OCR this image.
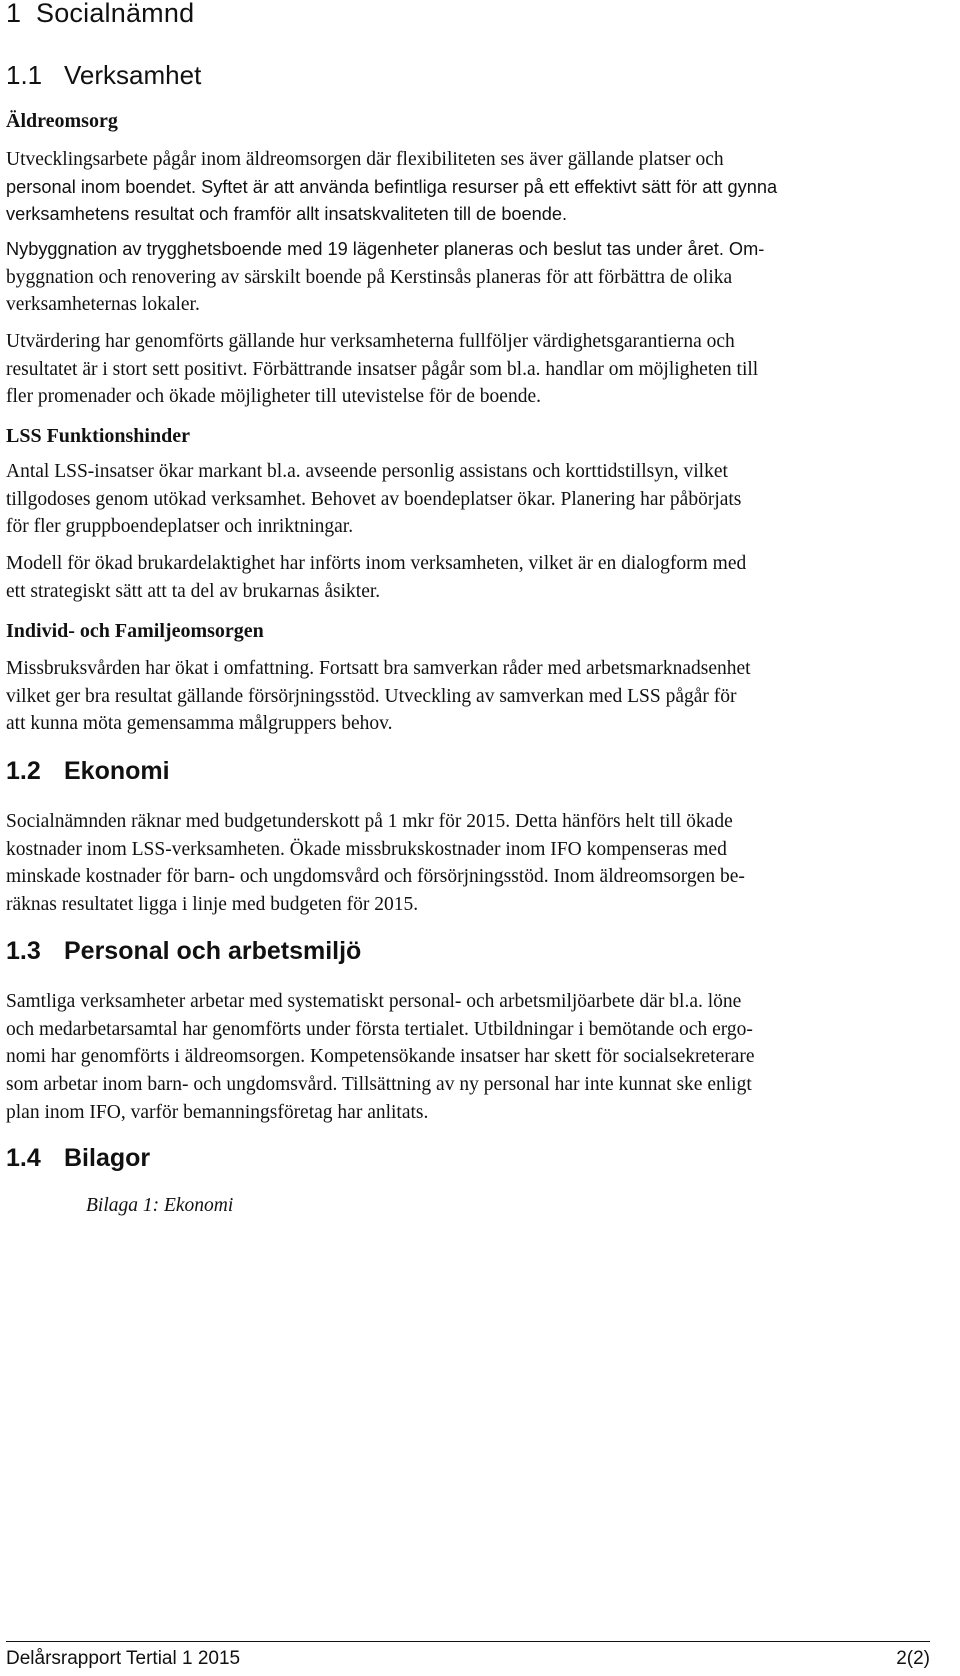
1 Socialnämnd
1.1 Verksamhet
Äldreomsorg
Utvecklingsarbete pågår inom äldreomsorgen där flexibiliteten ses äver gällande platser och
personal inom boendet. Syftet är att använda befintliga resurser på ett effektivt sätt för att gynna
verksamhetens resultat och framför allt insatskvaliteten till de boende.
Nybyggnation av trygghetsboende med 19 lägenheter planeras och beslut tas under året. Om-
byggnation och renovering av särskilt boende på Kerstinsås planeras för att förbättra de olika
verksamheternas lokaler.
Utvärdering har genomförts gällande hur verksamheterna fullföljer värdighetsgarantierna och
resultatet är i stort sett positivt. Förbättrande insatser pågår som bl.a. handlar om möjligheten till
fler promenader och ökade möjligheter till utevistelse för de boende.
LSS Funktionshinder
Antal LSS-insatser ökar markant bl.a. avseende personlig assistans och korttidstillsyn, vilket
tillgodoses genom utökad verksamhet. Behovet av boendeplatser ökar. Planering har påbörjats
för fler gruppboendeplatser och inriktningar.
Modell för ökad brukardelaktighet har införts inom verksamheten, vilket är en dialogform med
ett strategiskt sätt att ta del av brukarnas åsikter.
Individ- och Familjeomsorgen
Missbruksvården har ökat i omfattning. Fortsatt bra samverkan råder med arbetsmarknadsenhet
vilket ger bra resultat gällande försörjningsstöd. Utveckling av samverkan med LSS pågår för
att kunna möta gemensamma målgruppers behov.
1.2 Ekonomi
Socialnämnden räknar med budgetunderskott på 1 mkr för 2015. Detta hänförs helt till ökade
kostnader inom LSS-verksamheten. Ökade missbrukskostnader inom IFO kompenseras med
minskade kostnader för barn- och ungdomsvård och försörjningsstöd. Inom äldreomsorgen be-
räknas resultatet ligga i linje med budgeten för 2015.
1.3 Personal och arbetsmiljö
Samtliga verksamheter arbetar med systematiskt personal- och arbetsmiljöarbete där bl.a. löne
och medarbetarsamtal har genomförts under första tertialet. Utbildningar i bemötande och ergo-
nomi har genomförts i äldreomsorgen. Kompetensökande insatser har skett för socialsekreterare
som arbetar inom barn- och ungdomsvård. Tillsättning av ny personal har inte kunnat ske enligt
plan inom IFO, varför bemanningsföretag har anlitats.
1.4 Bilagor
Bilaga 1: Ekonomi
Delårsrapport Tertial 1 2015	2(2)
